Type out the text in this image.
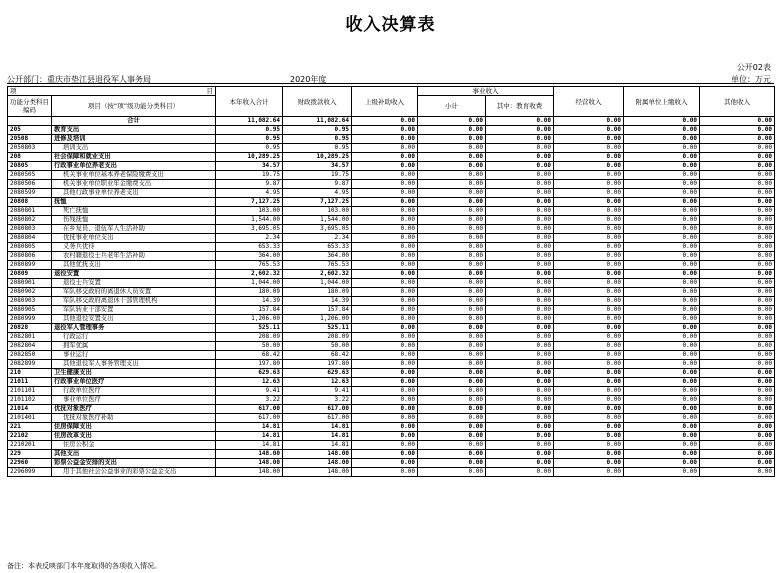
收入决算表
公开02表
公开部门：重庆市垫江县退役军人事务局	2020年度	单位：万元
项 目		本年收入合计	财政拨款收入	上级补助收入	事业收入		经营收入	附属单位上缴收入	其他收入
功能分类科目编码	项目（按“项”级功能分类科目）								
					小计	其中：教育收费			
	合计	11,082.64	11,082.64	0.00	0.00	0.00	0.00	0.00	0.00
205	教育支出	0.95	0.95	0.00	0.00	0.00	0.00	0.00	0.00
20508	进修及培训	0.95	0.95	0.00	0.00	0.00	0.00	0.00	0.00
2050803	培训支出	0.95	0.95	0.00	0.00	0.00	0.00	0.00	0.00
208	社会保障和就业支出	10,289.25	10,289.25	0.00	0.00	0.00	0.00	0.00	0.00
20805	行政事业单位养老支出	34.57	34.57	0.00	0.00	0.00	0.00	0.00	0.00
2080505	机关事业单位基本养老保险缴费支出	19.75	19.75	0.00	0.00	0.00	0.00	0.00	0.00
2080506	机关事业单位职业年金缴费支出	9.87	9.87	0.00	0.00	0.00	0.00	0.00	0.00
2080599	其他行政事业单位养老支出	4.95	4.95	0.00	0.00	0.00	0.00	0.00	0.00
20808	抚恤	7,127.25	7,127.25	0.00	0.00	0.00	0.00	0.00	0.00
2080801	死亡抚恤	103.00	103.00	0.00	0.00	0.00	0.00	0.00	0.00
2080802	伤残抚恤	1,544.00	1,544.00	0.00	0.00	0.00	0.00	0.00	0.00
2080803	在乡复员、退伍军人生活补助	3,695.05	3,695.05	0.00	0.00	0.00	0.00	0.00	0.00
2080804	优抚事业单位支出	2.34	2.34	0.00	0.00	0.00	0.00	0.00	0.00
2080805	义务兵优待	653.33	653.33	0.00	0.00	0.00	0.00	0.00	0.00
2080806	农村籍退役士兵老年生活补助	364.00	364.00	0.00	0.00	0.00	0.00	0.00	0.00
2080899	其他优抚支出	765.53	765.53	0.00	0.00	0.00	0.00	0.00	0.00
20809	退役安置	2,602.32	2,602.32	0.00	0.00	0.00	0.00	0.00	0.00
2080901	退役士兵安置	1,044.00	1,044.00	0.00	0.00	0.00	0.00	0.00	0.00
2080902	军队移交政府的离退休人员安置	180.09	180.09	0.00	0.00	0.00	0.00	0.00	0.00
2080903	军队移交政府离退休干部管理机构	14.39	14.39	0.00	0.00	0.00	0.00	0.00	0.00
2080905	军队转业干部安置	157.84	157.84	0.00	0.00	0.00	0.00	0.00	0.00
2080999	其他退役安置支出	1,206.00	1,206.00	0.00	0.00	0.00	0.00	0.00	0.00
20828	退役军人管理事务	525.11	525.11	0.00	0.00	0.00	0.00	0.00	0.00
2082801	行政运行	208.09	208.09	0.00	0.00	0.00	0.00	0.00	0.00
2082804	拥军优属	50.00	50.00	0.00	0.00	0.00	0.00	0.00	0.00
2082850	事业运行	68.42	68.42	0.00	0.00	0.00	0.00	0.00	0.00
2082899	其他退役军人事务管理支出	197.80	197.80	0.00	0.00	0.00	0.00	0.00	0.00
210	卫生健康支出	629.63	629.63	0.00	0.00	0.00	0.00	0.00	0.00
21011	行政事业单位医疗	12.63	12.63	0.00	0.00	0.00	0.00	0.00	0.00
2101101	行政单位医疗	9.41	9.41	0.00	0.00	0.00	0.00	0.00	0.00
2101102	事业单位医疗	3.22	3.22	0.00	0.00	0.00	0.00	0.00	0.00
21014	优抚对象医疗	617.00	617.00	0.00	0.00	0.00	0.00	0.00	0.00
2101401	优抚对象医疗补助	617.00	617.00	0.00	0.00	0.00	0.00	0.00	0.00
221	住房保障支出	14.81	14.81	0.00	0.00	0.00	0.00	0.00	0.00
22102	住房改革支出	14.81	14.81	0.00	0.00	0.00	0.00	0.00	0.00
2210201	住房公积金	14.81	14.81	0.00	0.00	0.00	0.00	0.00	0.00
229	其他支出	148.00	148.00	0.00	0.00	0.00	0.00	0.00	0.00
22960	彩票公益金安排的支出	148.00	148.00	0.00	0.00	0.00	0.00	0.00	0.00
2296099	用于其他社会公益事业的彩票公益金支出	148.00	148.00	0.00	0.00	0.00	0.00	0.00	0.00
备注：本表反映部门本年度取得的各项收入情况。
